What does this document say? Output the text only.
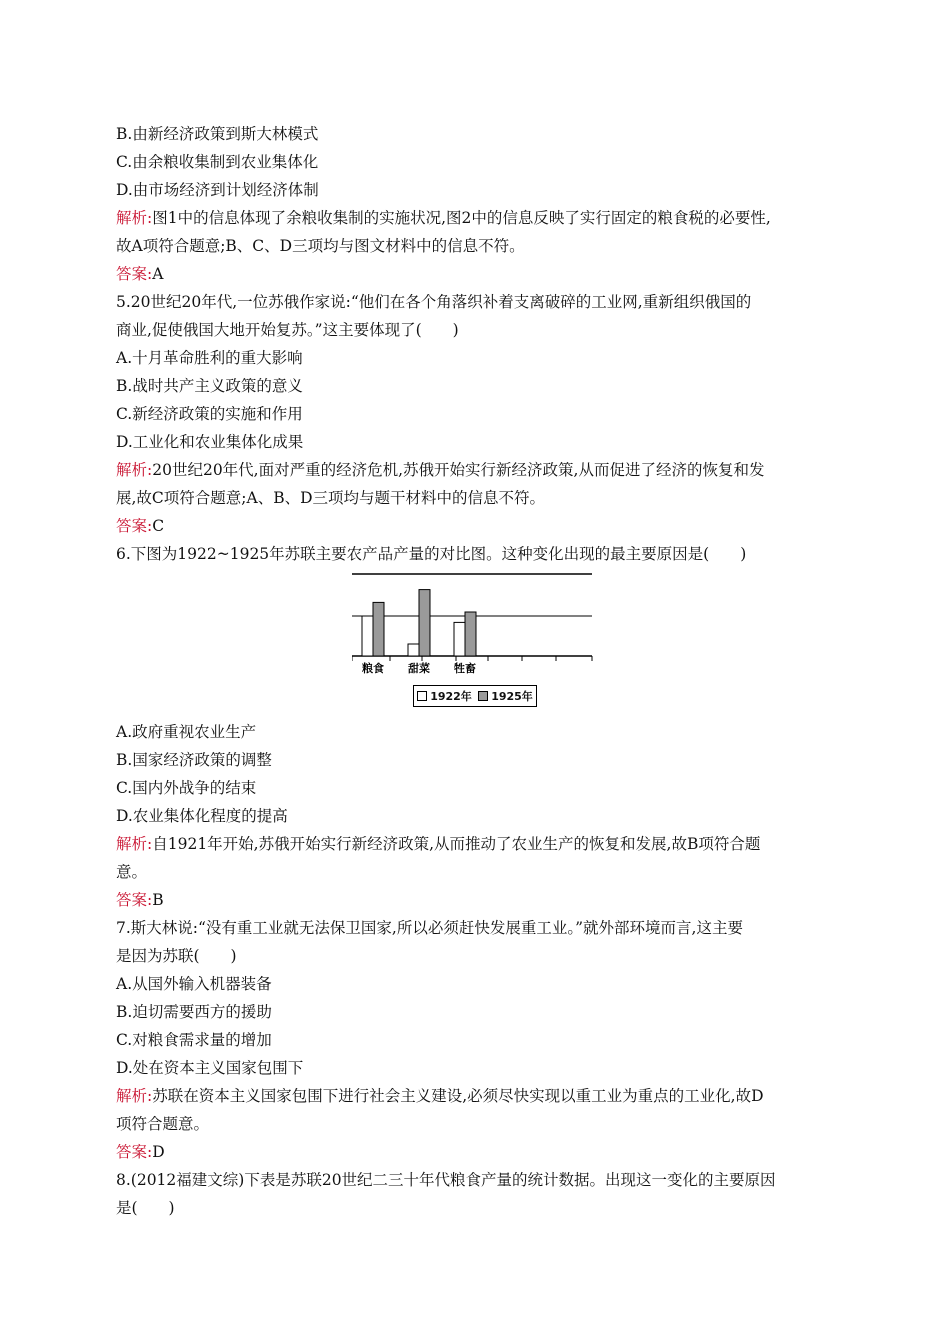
B.由新经济政策到斯大林模式
C.由余粮收集制到农业集体化
D.由市场经济到计划经济体制
解析:图1中的信息体现了余粮收集制的实施状况,图2中的信息反映了实行固定的粮食税的必要性,
故A项符合题意;B、C、D三项均与图文材料中的信息不符。
答案:A
5.20世纪20年代,一位苏俄作家说:“他们在各个角落织补着支离破碎的工业网,重新组织俄国的
商业,促使俄国大地开始复苏。”这主要体现了(　　)
A.十月革命胜利的重大影响
B.战时共产主义政策的意义
C.新经济政策的实施和作用
D.工业化和农业集体化成果
解析:20世纪20年代,面对严重的经济危机,苏俄开始实行新经济政策,从而促进了经济的恢复和发
展,故C项符合题意;A、B、D三项均与题干材料中的信息不符。
答案:C
6.下图为1922~1925年苏联主要农产品产量的对比图。这种变化出现的最主要原因是(　　)
粮食 甜菜 牲畜
1922年 1925年
A.政府重视农业生产
B.国家经济政策的调整
C.国内外战争的结束
D.农业集体化程度的提高
解析:自1921年开始,苏俄开始实行新经济政策,从而推动了农业生产的恢复和发展,故B项符合题
意。
答案:B
7.斯大林说:“没有重工业就无法保卫国家,所以必须赶快发展重工业。”就外部环境而言,这主要
是因为苏联(　　)
A.从国外输入机器装备
B.迫切需要西方的援助
C.对粮食需求量的增加
D.处在资本主义国家包围下
解析:苏联在资本主义国家包围下进行社会主义建设,必须尽快实现以重工业为重点的工业化,故D
项符合题意。
答案:D
8.(2012福建文综)下表是苏联20世纪二三十年代粮食产量的统计数据。出现这一变化的主要原因
是(　　)
